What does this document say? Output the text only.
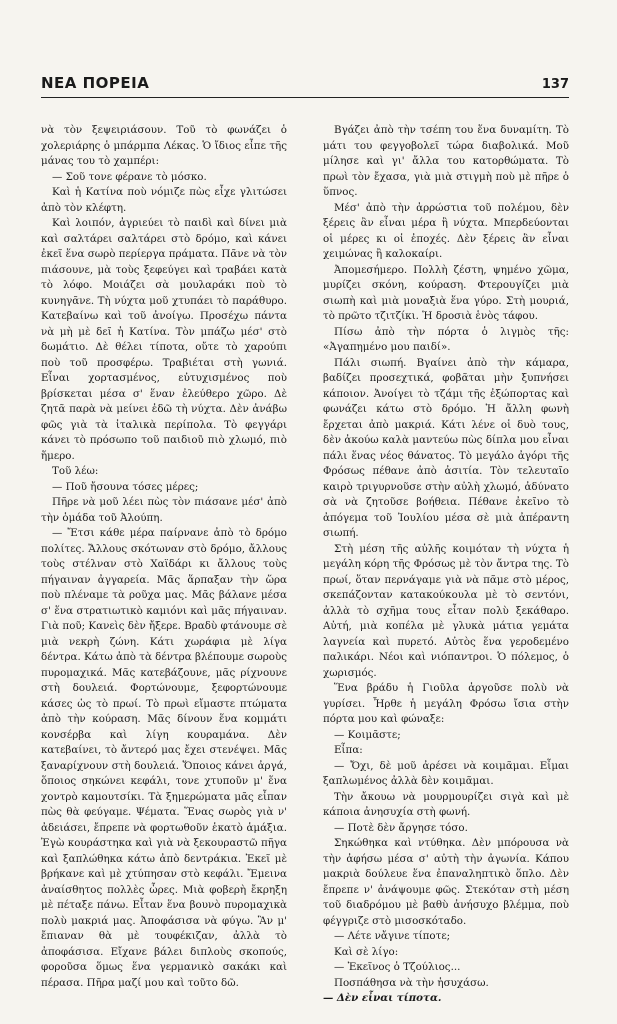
ΝΕΑ ΠΟΡΕΙΑ	137

νὰ τὸν ξεψειριάσουν. Τοῦ τὸ φωνάζει ὁ χολεριάρης ὁ μπάρμπα Λέκας. Ὁ ἴδιος εἶπε τῆς μάνας του τὸ χαμπέρι:

— Σοῦ τονε φέρανε τὸ μόσκο.

Καὶ ἡ Κατίνα ποὺ νόμιζε πὼς εἶχε γλιτώσει ἀπὸ τὸν κλέφτη.

Καὶ λοιπόν, ἀγριεύει τὸ παιδὶ καὶ δίνει μιὰ καὶ σαλτάρει σαλτάρει στὸ δρόμο, καὶ κάνει ἐκεῖ ἕνα σωρὸ περίεργα πράματα. Πᾶνε νὰ τὸν πιάσουνε, μὰ τοὺς ξεφεύγει καὶ τραβάει κατὰ τὸ λόφο. Μοιάζει σὰ μουλαράκι ποὺ τὸ κυνηγᾶνε. Τὴ νύχτα μοῦ χτυπάει τὸ παράθυρο. Κατεβαίνω καὶ τοῦ ἀνοίγω. Προσέχω πάντα νὰ μὴ μὲ δεῖ ἡ Κατίνα. Τὸν μπάζω μέσ' στὸ δωμάτιο. Δὲ θέλει τίποτα, οὔτε τὸ χαρούπι ποὺ τοῦ προσφέρω. Τραβιέται στὴ γωνιά. Εἶναι χορτασμένος, εὐτυχισμένος ποὺ βρίσκεται μέσα σ' ἕναν ἐλεύθερο χῶρο. Δὲ ζητᾶ παρὰ νὰ μείνει ἐδῶ τὴ νύχτα. Δὲν ἀνάβω φῶς γιὰ τὰ ἰταλικὰ περίπολα. Τὸ φεγγάρι κάνει τὸ πρόσωπο τοῦ παιδιοῦ πιὸ χλωμό, πιὸ ἥμερο.

Τοῦ λέω:

— Ποῦ ἤσουνα τόσες μέρες;

Πῆρε νὰ μοῦ λέει πὼς τὸν πιάσανε μέσ' ἀπὸ τὴν ὁμάδα τοῦ Ἀλούπη.

— Ἔτσι κάθε μέρα παίρνανε ἀπὸ τὸ δρόμο πολίτες. Ἄλλους σκότωναν στὸ δρόμο, ἄλλους τοὺς στέλναν στὸ Χαϊδάρι κι ἄλλους τοὺς πήγαιναν ἀγγαρεία. Μᾶς ἅρπαξαν τὴν ὥρα ποὺ πλέναμε τὰ ροῦχα μας. Μᾶς βάλανε μέσα σ' ἕνα στρατιωτικὸ καμιόνι καὶ μᾶς πήγαιναν. Γιὰ ποῦ; Κανεὶς δὲν ἤξερε. Βραδὺ φτάνουμε σὲ μιὰ νεκρὴ ζώνη. Κάτι χωράφια μὲ λίγα δέντρα. Κάτω ἀπὸ τὰ δέντρα βλέπουμε σωροὺς πυρομαχικά. Μᾶς κατεβάζουνε, μᾶς ρίχνουνε στὴ δουλειά. Φορτώνουμε, ξεφορτώνουμε κάσες ὡς τὸ πρωί. Τὸ πρωὶ εἴμαστε πτώματα ἀπὸ τὴν κούραση. Μᾶς δίνουν ἕνα κομμάτι κονσέρβα καὶ λίγη κουραμάνα. Δὲν κατεβαίνει, τὸ ἄντερό μας ἔχει στενέψει. Μᾶς ξαναρίχνουν στὴ δουλειά. Ὅποιος κάνει ἀργά, ὅποιος σηκώνει κεφάλι, τονε χτυποῦν μ' ἕνα χοντρὸ καμουτσίκι. Τὰ ξημερώματα μᾶς εἶπαν πὼς θὰ φεύγαμε. Ψέματα. Ἕνας σωρὸς γιὰ ν' ἀδειάσει, ἔπρεπε νὰ φορτωθοῦν ἑκατὸ ἁμάξια. Ἐγὼ κουράστηκα καὶ γιὰ νὰ ξεκουραστῶ πῆγα καὶ ξαπλώθηκα κάτω ἀπὸ δεντράκια. Ἐκεῖ μὲ βρήκανε καὶ μὲ χτύπησαν στὸ κεφάλι. Ἔμεινα ἀναίσθητος πολλὲς ὧρες. Μιὰ φοβερὴ ἔκρηξη μὲ πέταξε πάνω. Εἶταν ἕνα βουνὸ πυρομαχικὰ πολὺ μακριά μας. Ἀποφάσισα νὰ φύγω. Ἂν μ' ἔπιαναν θὰ μὲ τουφέκιζαν, ἀλλὰ τὸ ἀποφάσισα. Εἴχανε βάλει διπλοὺς σκοπούς, φοροῦσα ὅμως ἕνα γερμανικὸ σακάκι καὶ πέρασα. Πῆρα μαζί μου καὶ τοῦτο δῶ.

Βγάζει ἀπὸ τὴν τσέπη του ἕνα δυναμίτη. Τὸ μάτι του φεγγοβολεῖ τώρα διαβολικά. Μοῦ μίλησε καὶ γι' ἄλλα του κατορθώματα. Τὸ πρωὶ τὸν ἔχασα, γιὰ μιὰ στιγμὴ ποὺ μὲ πῆρε ὁ ὕπνος.

Μέσ' ἀπὸ τὴν ἀρρώστια τοῦ πολέμου, δὲν ξέρεις ἂν εἶναι μέρα ἢ νύχτα. Μπερδεύονται οἱ μέρες κι οἱ ἐποχές. Δὲν ξέρεις ἂν εἶναι χειμώνας ἢ καλοκαίρι.

Ἀπομεσήμερο. Πολλὴ ζέστη, ψημένο χῶμα, μυρίζει σκόνη, κούραση. Φτερουγίζει μιὰ σιωπὴ καὶ μιὰ μοναξιὰ ἕνα γύρο. Στὴ μουριά, τὸ πρῶτο τζιτζίκι. Ἡ δροσιὰ ἑνὸς τάφου.

Πίσω ἀπὸ τὴν πόρτα ὁ λιγμὸς τῆς: «Ἀγαπημένο μου παιδί».

Πάλι σιωπή. Βγαίνει ἀπὸ τὴν κάμαρα, βαδίζει προσεχτικά, φοβᾶται μὴν ξυπνήσει κάποιον. Ἀνοίγει τὸ τζάμι τῆς ἐξώπορτας καὶ φωνάζει κάτω στὸ δρόμο. Ἡ ἄλλη φωνὴ ἔρχεται ἀπὸ μακριά. Κάτι λένε οἱ δυὸ τους, δὲν ἀκούω καλὰ μαντεύω πὼς δίπλα μου εἶναι πάλι ἕνας νέος θάνατος. Τὸ μεγάλο ἀγόρι τῆς Φρόσως πέθανε ἀπὸ ἀσιτία. Τὸν τελευταῖο καιρὸ τριγυρνοῦσε στὴν αὐλὴ χλωμό, ἀδύνατο σὰ νὰ ζητοῦσε βοήθεια. Πέθανε ἐκεῖνο τὸ ἀπόγεμα τοῦ Ἰουλίου μέσα σὲ μιὰ ἀπέραντη σιωπή.

Στὴ μέση τῆς αὐλῆς κοιμόταν τὴ νύχτα ἡ μεγάλη κόρη τῆς Φρόσως μὲ τὸν ἄντρα της. Τὸ πρωί, ὅταν περνάγαμε γιὰ νὰ πᾶμε στὸ μέρος, σκεπάζονταν κατακούκουλα μὲ τὸ σεντόνι, ἀλλὰ τὸ σχῆμα τους εἶταν πολὺ ξεκάθαρο. Αὐτή, μιὰ κοπέλα μὲ γλυκὰ μάτια γεμάτα λαγνεία καὶ πυρετό. Αὐτὸς ἕνα γεροδεμένο παλικάρι. Νέοι καὶ νιόπαντροι. Ὁ πόλεμος, ὁ χωρισμός.

Ἕνα βράδυ ἡ Γιοῦλα ἀργοῦσε πολὺ νὰ γυρίσει. Ἦρθε ἡ μεγάλη Φρόσω ἴσια στὴν πόρτα μου καὶ φώναξε:

— Κοιμᾶστε;

Εἶπα:

— Ὄχι, δὲ μοῦ ἀρέσει νὰ κοιμᾶμαι. Εἶμαι ξαπλωμένος ἀλλὰ δὲν κοιμᾶμαι.

Τὴν ἄκουω νὰ μουρμουρίζει σιγὰ καὶ μὲ κάποια ἀνησυχία στὴ φωνή.

— Ποτὲ δὲν ἄργησε τόσο.

Σηκώθηκα καὶ ντύθηκα. Δὲν μπόρουσα νὰ τὴν ἀφήσω μέσα σ' αὐτὴ τὴν ἀγωνία. Κάπου μακριὰ δούλευε ἕνα ἐπαναληπτικὸ ὅπλο. Δὲν ἔπρεπε ν' ἀνάψουμε φῶς. Στεκόταν στὴ μέση τοῦ διαδρόμου μὲ βαθὺ ἀνήσυχο βλέμμα, ποὺ φέγγριζε στὸ μισοσκόταδο.

— Λέτε νἄγινε τίποτε;

Καὶ σὲ λίγο:

— Ἐκεῖνος ὁ Τζούλιος...

Ποσπάθησα νὰ τὴν ἡσυχάσω.

— Δὲν εἶναι τίποτα.
